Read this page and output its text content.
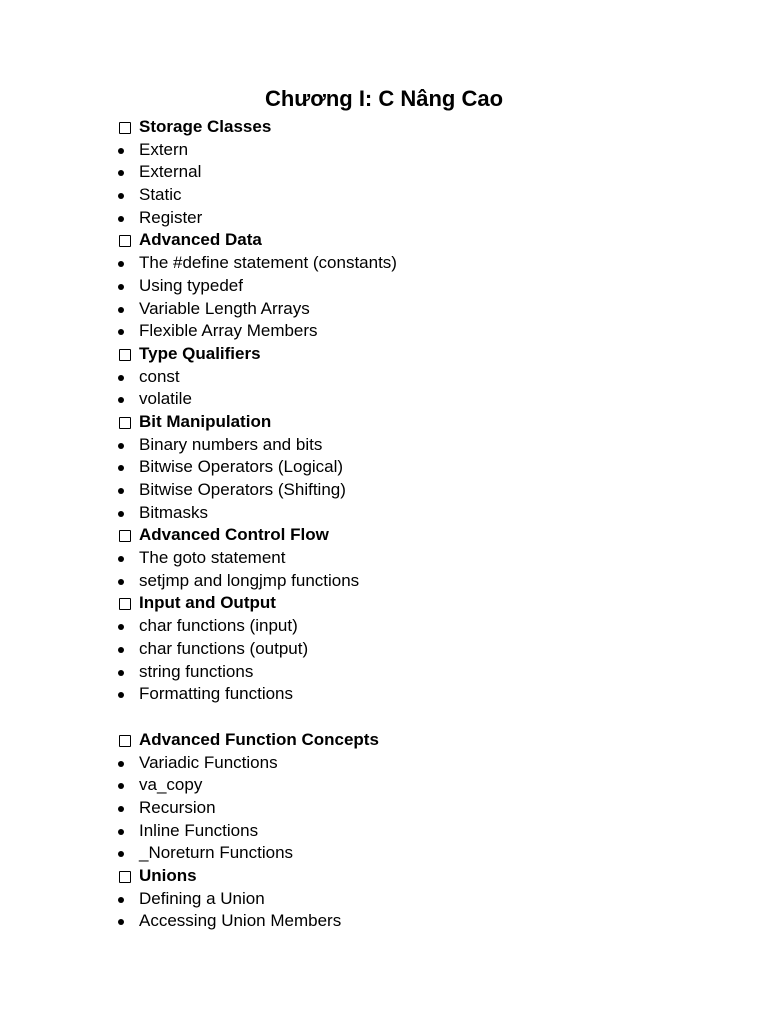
Chương I: C Nâng Cao
Storage Classes
Extern
External
Static
Register
Advanced Data
The #define statement (constants)
Using typedef
Variable Length Arrays
Flexible Array Members
Type Qualifiers
const
volatile
Bit Manipulation
Binary numbers and bits
Bitwise Operators (Logical)
Bitwise Operators (Shifting)
Bitmasks
Advanced Control Flow
The goto statement
setjmp and longjmp functions
Input and Output
char functions (input)
char functions (output)
string functions
Formatting functions
Advanced Function Concepts
Variadic Functions
va_copy
Recursion
Inline Functions
_Noreturn Functions
Unions
Defining a Union
Accessing Union Members
